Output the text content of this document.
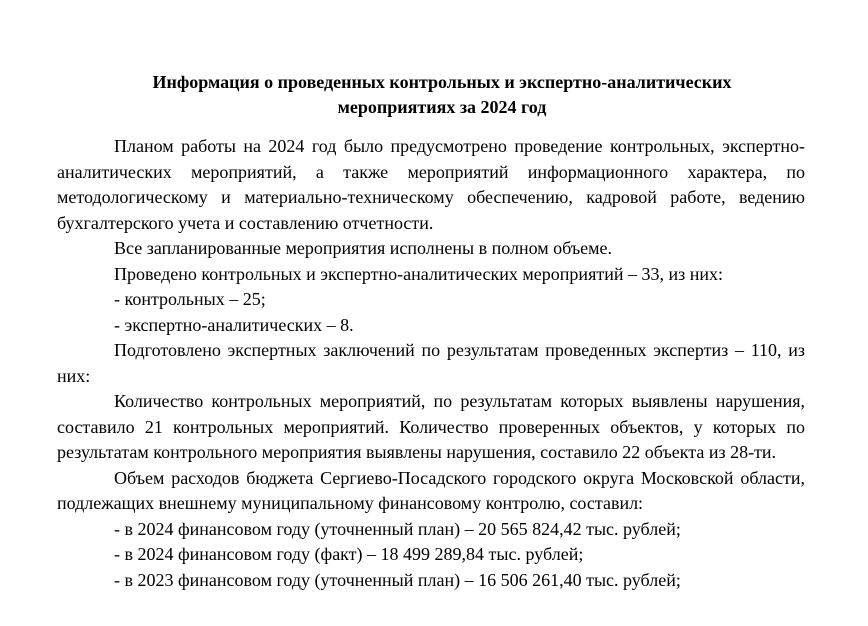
Информация о проведенных контрольных и экспертно-аналитических
мероприятиях за 2024 год

Планом работы на 2024 год было предусмотрено проведение контрольных, экспертно-аналитических мероприятий, а также мероприятий информационного характера, по методологическому и материально-техническому обеспечению, кадровой работе, ведению бухгалтерского учета и составлению отчетности.

Все запланированные мероприятия исполнены в полном объеме.

Проведено контрольных и экспертно-аналитических мероприятий – 33, из них:

- контрольных – 25;

- экспертно-аналитических – 8.

Подготовлено экспертных заключений по результатам проведенных экспертиз – 110, из них:

Количество контрольных мероприятий, по результатам которых выявлены нарушения, составило 21 контрольных мероприятий. Количество проверенных объектов, у которых по результатам контрольного мероприятия выявлены нарушения, составило 22 объекта из 28-ти.

Объем расходов бюджета Сергиево-Посадского городского округа Московской области, подлежащих внешнему муниципальному финансовому контролю, составил:

- в 2024 финансовом году (уточненный план) – 20 565 824,42 тыс. рублей;

- в 2024 финансовом году (факт) – 18 499 289,84 тыс. рублей;

- в 2023 финансовом году (уточненный план) – 16 506 261,40 тыс. рублей;
